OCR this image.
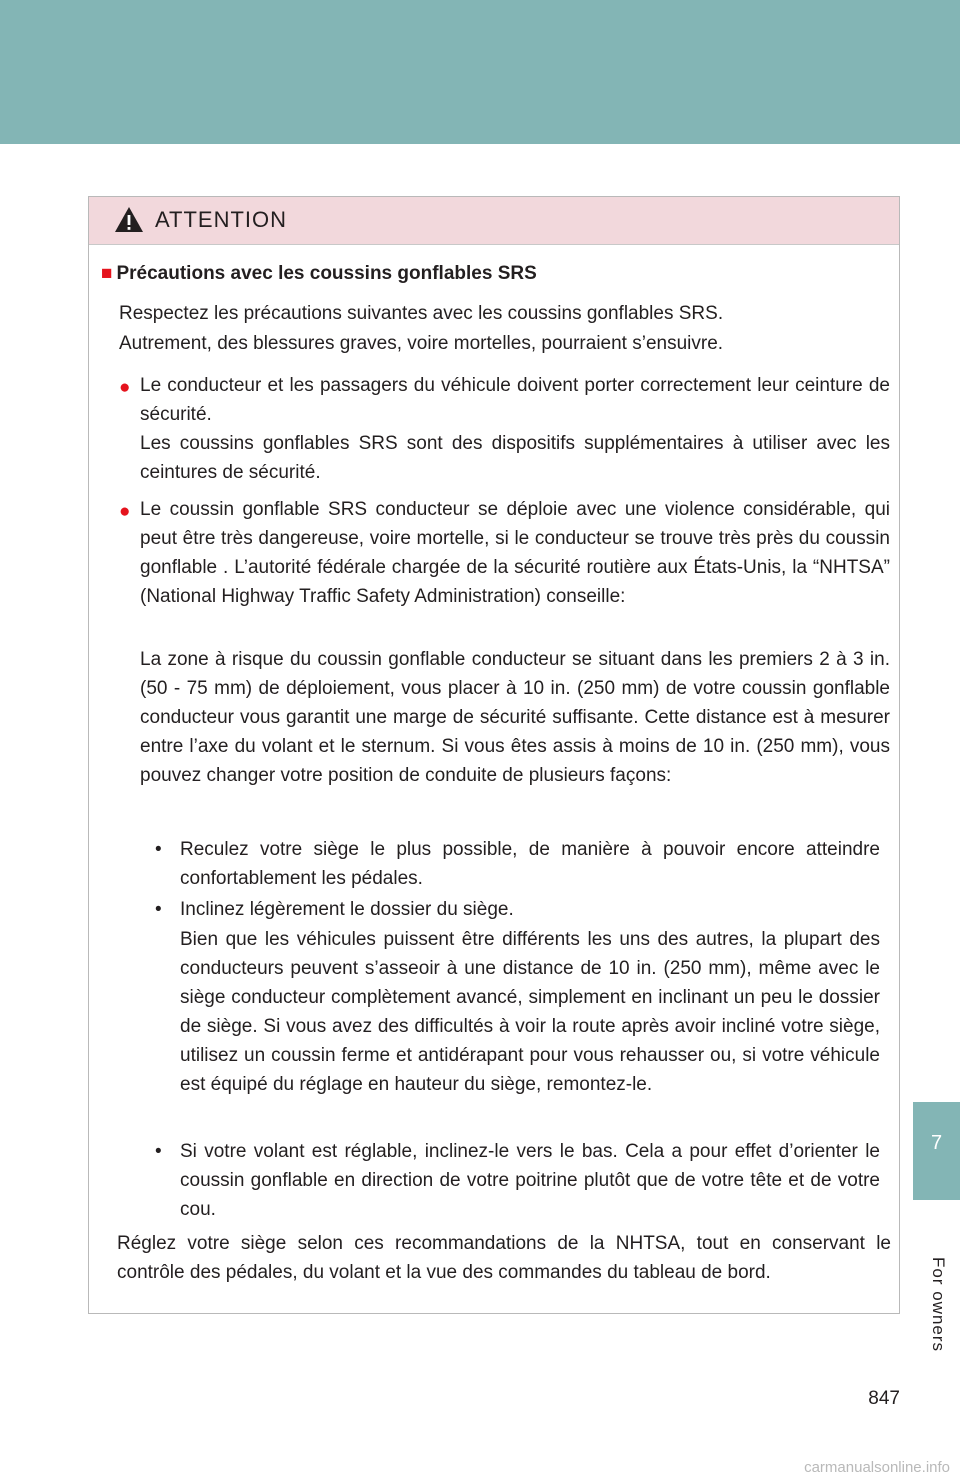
ATTENTION
■ Précautions avec les coussins gonflables SRS

Respectez les précautions suivantes avec les coussins gonflables SRS.

Autrement, des blessures graves, voire mortelles, pourraient s’ensuivre.

● Le conducteur et les passagers du véhicule doivent porter correctement leur ceinture de sécurité.

Les coussins gonflables SRS sont des dispositifs supplémentaires à utiliser avec les ceintures de sécurité.

● Le coussin gonflable SRS conducteur se déploie avec une violence considérable, qui peut être très dangereuse, voire mortelle, si le conducteur se trouve très près du coussin gonflable . L’autorité fédérale chargée de la sécurité routière aux États-Unis, la “NHTSA” (National Highway Traffic Safety Administration) conseille:

La zone à risque du coussin gonflable conducteur se situant dans les premiers 2 à 3 in. (50 - 75 mm) de déploiement, vous placer à 10 in. (250 mm) de votre coussin gonflable conducteur vous garantit une marge de sécurité suffisante. Cette distance est à mesurer entre l’axe du volant et le sternum. Si vous êtes assis à moins de 10 in. (250 mm), vous pouvez changer votre position de conduite de plusieurs façons:

• Reculez votre siège le plus possible, de manière à pouvoir encore atteindre confortablement les pédales.

• Inclinez légèrement le dossier du siège.

Bien que les véhicules puissent être différents les uns des autres, la plupart des conducteurs peuvent s’asseoir à une distance de 10 in. (250 mm), même avec le siège conducteur complètement avancé, simplement en inclinant un peu le dossier de siège. Si vous avez des difficultés à voir la route après avoir incliné votre siège, utilisez un coussin ferme et antidérapant pour vous rehausser ou, si votre véhicule est équipé du réglage en hauteur du siège, remontez-le.

• Si votre volant est réglable, inclinez-le vers le bas. Cela a pour effet d’orienter le coussin gonflable en direction de votre poitrine plutôt que de votre tête et de votre cou.

Réglez votre siège selon ces recommandations de la NHTSA, tout en conservant le contrôle des pédales, du volant et la vue des commandes du tableau de bord.

7
For owners
847
carmanualsonline.info
